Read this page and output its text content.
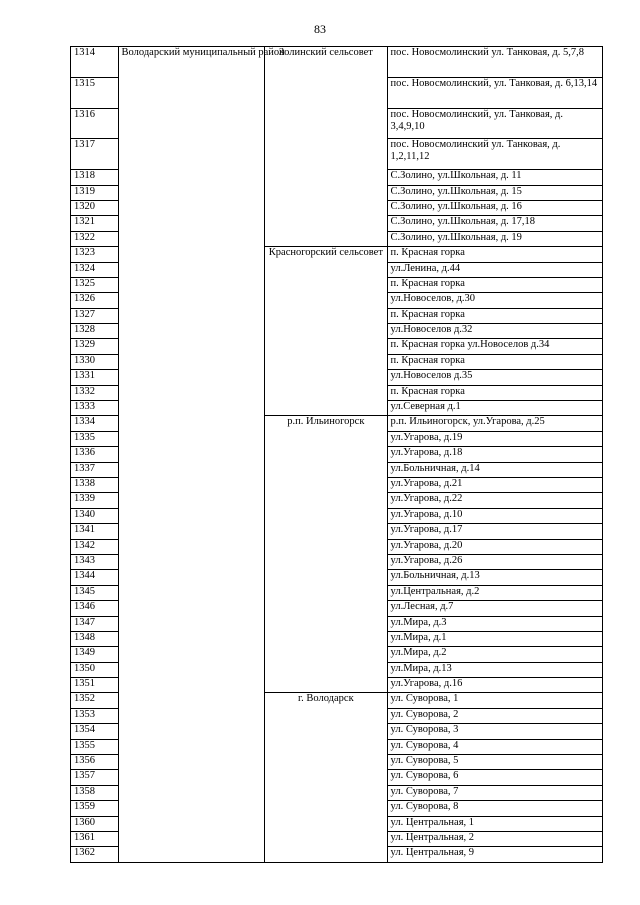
83
1314	Володарский муниципальный район	Золинский сельсовет	пос. Новосмолинский ул. Танковая, д. 5,7,8
1315			пос. Новосмолинский, ул. Танковая, д. 6,13,14
1316			пос. Новосмолинский, ул. Танковая, д. 3,4,9,10
1317			пос. Новосмолинский ул. Танковая, д. 1,2,11,12
1318			С.Золино, ул.Школьная, д. 11
1319			С.Золино, ул.Школьная, д. 15
1320			С.Золино, ул.Школьная, д. 16
1321			С.Золино, ул.Школьная, д. 17,18
1322			С.Золино, ул.Школьная, д. 19
1323		Красногорский сельсовет	п. Красная горка
1324			ул.Ленина, д.44
1325			п. Красная горка
1326			ул.Новоселов, д.30
1327			п. Красная горка
1328			ул.Новоселов д.32
1329			п. Красная горка ул.Новоселов д.34
1330			п. Красная горка
1331			ул.Новоселов д.35
1332			п. Красная горка
1333			ул.Северная д.1
1334		р.п. Ильиногорск	р.п. Ильиногорск, ул.Угарова, д.25
1335			ул.Угарова, д.19
1336			ул.Угарова, д.18
1337			ул.Больничная, д.14
1338			ул.Угарова, д.21
1339			ул.Угарова, д.22
1340			ул.Угарова, д.10
1341			ул.Угарова, д.17
1342			ул.Угарова, д.20
1343			ул.Угарова, д.26
1344			ул.Больничная, д.13
1345			ул.Центральная, д.2
1346			ул.Лесная, д.7
1347			ул.Мира, д.3
1348			ул.Мира, д.1
1349			ул.Мира, д.2
1350			ул.Мира, д.13
1351			ул.Угарова, д.16
1352		г. Володарск	ул. Суворова, 1
1353			ул. Суворова, 2
1354			ул. Суворова, 3
1355			ул. Суворова, 4
1356			ул. Суворова, 5
1357			ул. Суворова, 6
1358			ул. Суворова, 7
1359			ул. Суворова, 8
1360			ул. Центральная, 1
1361			ул. Центральная, 2
1362			ул. Центральная, 9
